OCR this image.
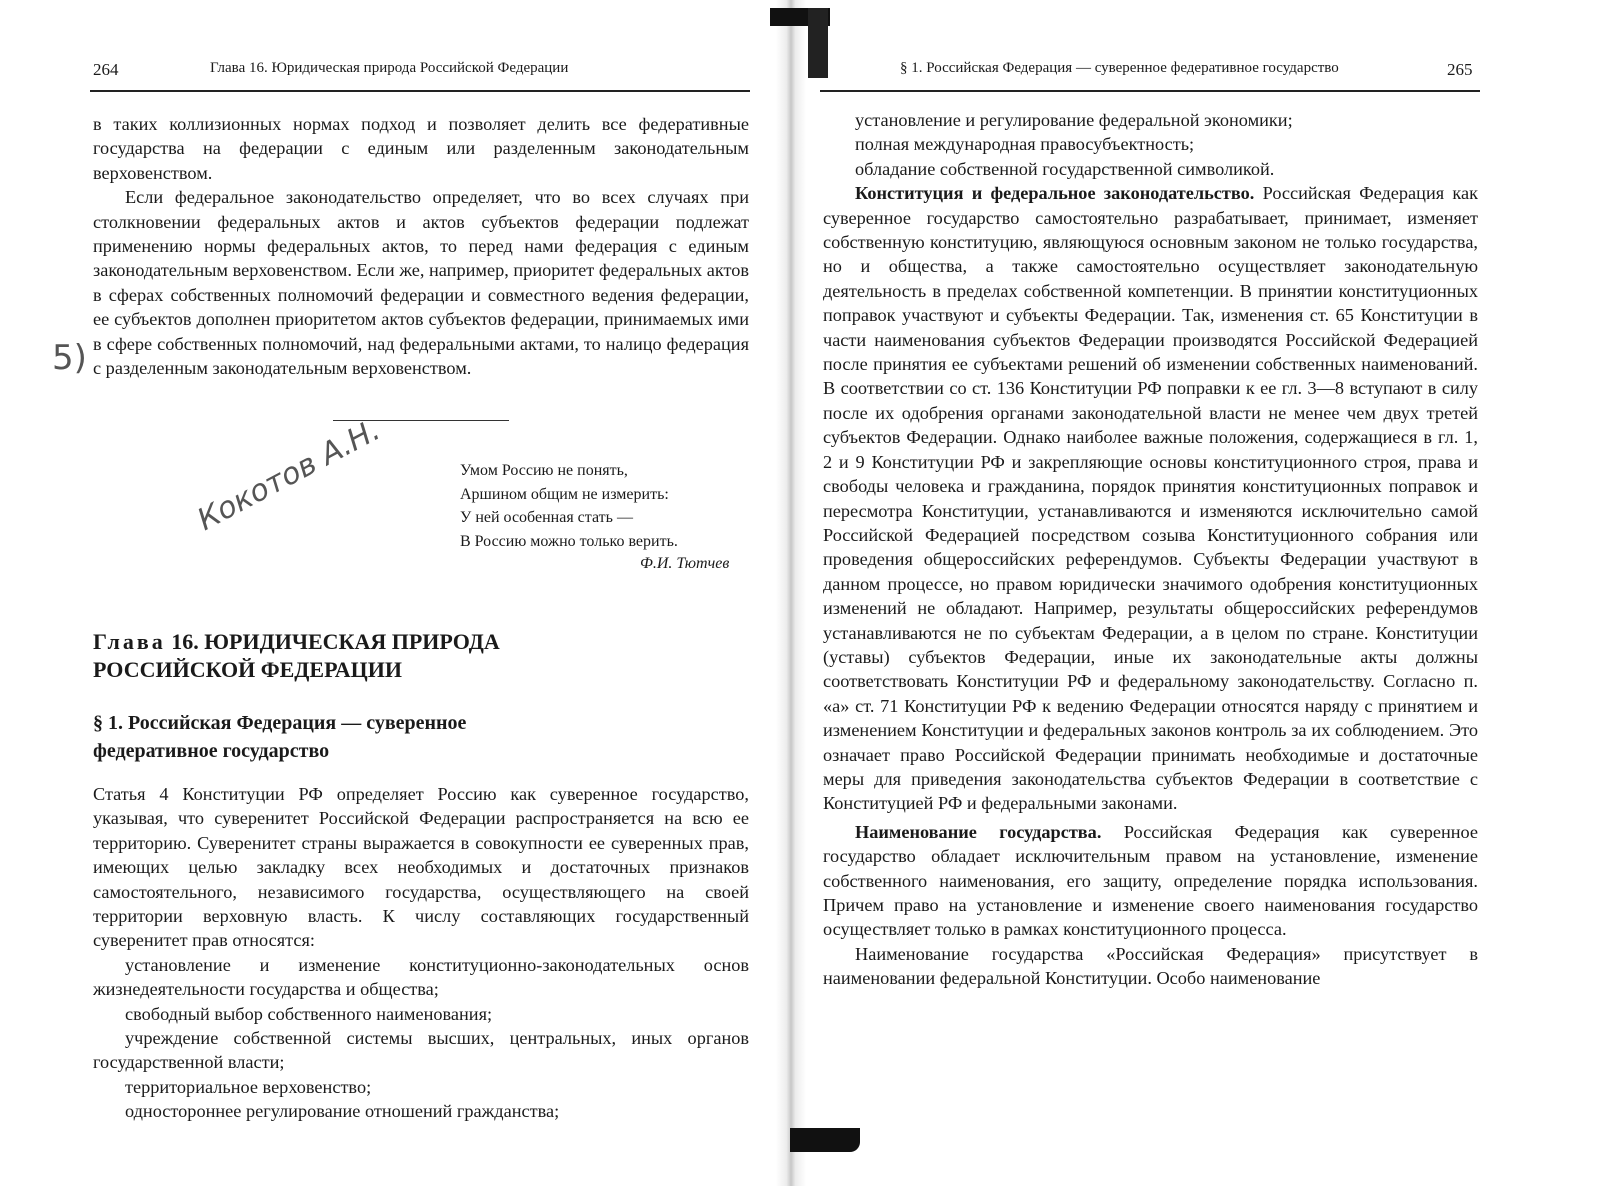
264	Глава 16. Юридическая природа Российской Федерации

в таких коллизионных нормах подход и позволяет делить все федеративные государства на федерации с единым или разделенным законодательным верховенством.

Если федеральное законодательство определяет, что во всех случаях при столкновении федеральных актов и актов субъектов федерации подлежат применению нормы федеральных актов, то перед нами федерация с единым законодательным верховенством. Если же, например, приоритет федеральных актов в сферах собственных полномочий федерации и совместного ведения федерации, ее субъектов дополнен приоритетом актов субъектов федерации, принимаемых ими в сфере собственных полномочий, над федеральными актами, то налицо федерация с разделенным законодательным верховенством.

5)
Кокотов А.Н.	Умом Россию не понять,
Аршином общим не измерить:
У ней особенная стать —
В Россию можно только верить.
Ф.И. Тютчев
Глава 16. ЮРИДИЧЕСКАЯ ПРИРОДА
РОССИЙСКОЙ ФЕДЕРАЦИИ
§ 1. Российская Федерация — суверенное
федеративное государство

Статья 4 Конституции РФ определяет Россию как суверенное государство, указывая, что суверенитет Российской Федерации распространяется на всю ее территорию. Суверенитет страны выражается в совокупности ее суверенных прав, имеющих целью закладку всех необходимых и достаточных признаков самостоятельного, независимого государства, осуществляющего на своей территории верховную власть. К числу составляющих государственный суверенитет прав относятся:

установление и изменение конституционно-законодательных основ жизнедеятельности государства и общества;
свободный выбор собственного наименования;
учреждение собственной системы высших, центральных, иных органов государственной власти;
территориальное верховенство;
одностороннее регулирование отношений гражданства;
§ 1. Российская Федерация — суверенное федеративное государство	265
установление и регулирование федеральной экономики;
полная международная правосубъектность;
обладание собственной государственной символикой.

Конституция и федеральное законодательство. Российская Федерация как суверенное государство самостоятельно разрабатывает, принимает, изменяет собственную конституцию, являющуюся основным законом не только государства, но и общества, а также самостоятельно осуществляет законодательную деятельность в пределах собственной компетенции. В принятии конституционных поправок участвуют и субъекты Федерации. Так, изменения ст. 65 Конституции в части наименования субъектов Федерации производятся Российской Федерацией после принятия ее субъектами решений об изменении собственных наименований. В соответствии со ст. 136 Конституции РФ поправки к ее гл. 3—8 вступают в силу после их одобрения органами законодательной власти не менее чем двух третей субъектов Федерации. Однако наиболее важные положения, содержащиеся в гл. 1, 2 и 9 Конституции РФ и закрепляющие основы конституционного строя, права и свободы человека и гражданина, порядок принятия конституционных поправок и пересмотра Конституции, устанавливаются и изменяются исключительно самой Российской Федерацией посредством созыва Конституционного собрания или проведения общероссийских референдумов. Субъекты Федерации участвуют в данном процессе, но правом юридически значимого одобрения конституционных изменений не обладают. Например, результаты общероссийских референдумов устанавливаются не по субъектам Федерации, а в целом по стране. Конституции (уставы) субъектов Федерации, иные их законодательные акты должны соответствовать Конституции РФ и федеральному законодательству. Согласно п. «а» ст. 71 Конституции РФ к ведению Федерации относятся наряду с принятием и изменением Конституции и федеральных законов контроль за их соблюдением. Это означает право Российской Федерации принимать необходимые и достаточные меры для приведения законодательства субъектов Федерации в соответствие с Конституцией РФ и федеральными законами.

Наименование государства. Российская Федерация как суверенное государство обладает исключительным правом на установление, изменение собственного наименования, его защиту, определение порядка использования. Причем право на установление и изменение своего наименования государство осуществляет только в рамках конституционного процесса.

Наименование государства «Российская Федерация» присутствует в наименовании федеральной Конституции. Особо наименование
